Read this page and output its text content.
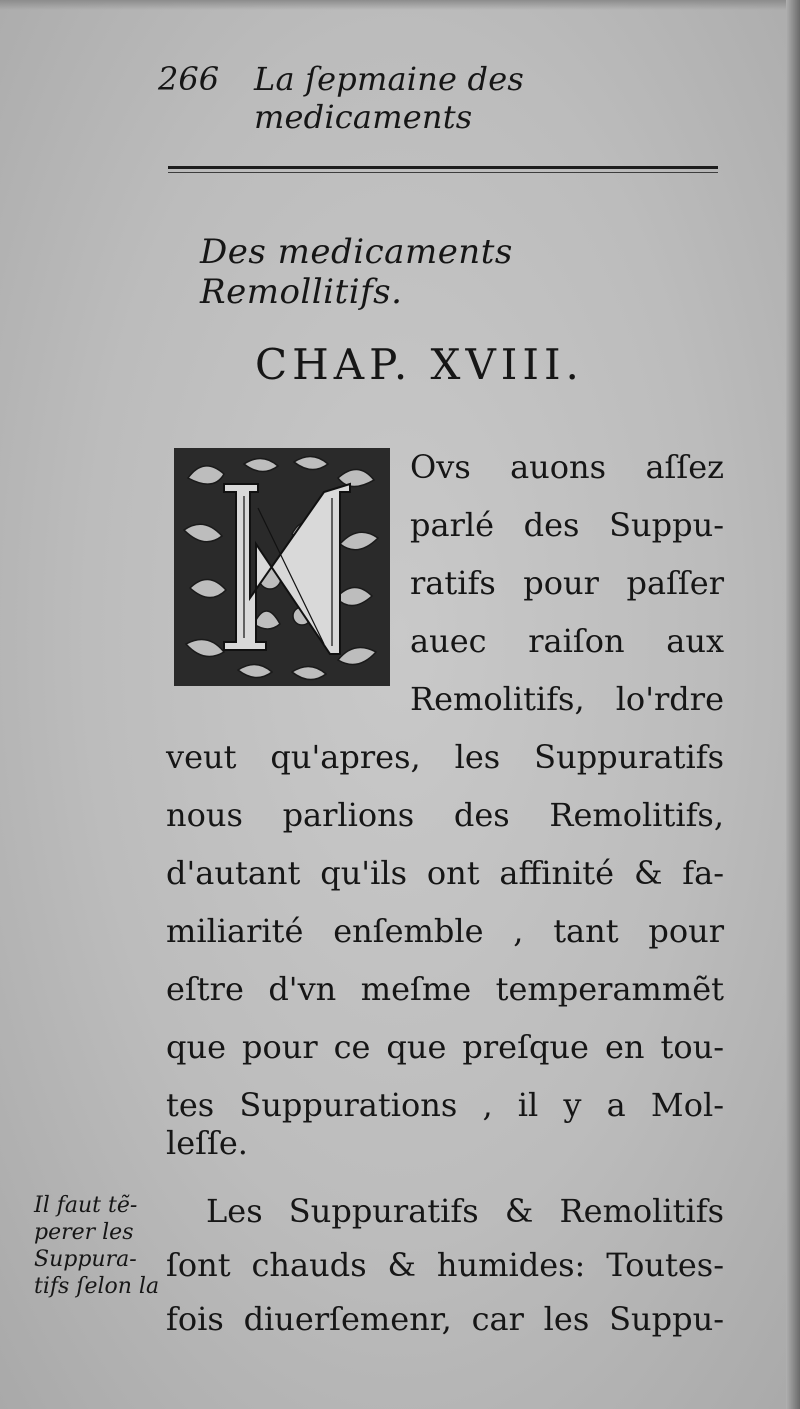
266 La ſepmaine des medicaments
Des medicaments Remollitifs.
CHAP. XVIII.
Ovs auons aſſez
parlé des Suppu-
ratifs pour paſſer
auec raiſon aux
Remolitifs, lo'rdre
veut qu'apres, les Suppuratifs
nous parlions des Remolitifs,
d'autant qu'ils ont affinité & fa-
miliarité enſemble , tant pour
eſtre d'vn meſme temperammẽt
que pour ce que preſque en tou-
tes Suppurations , il y a Mol-
leſſe.
Les Suppuratifs & Remolitifs
ſont chauds & humides: Toutes-
fois diuerſemenr, car les Suppu-
Il faut tẽ-
perer les
Suppura-
tifs ſelon la
